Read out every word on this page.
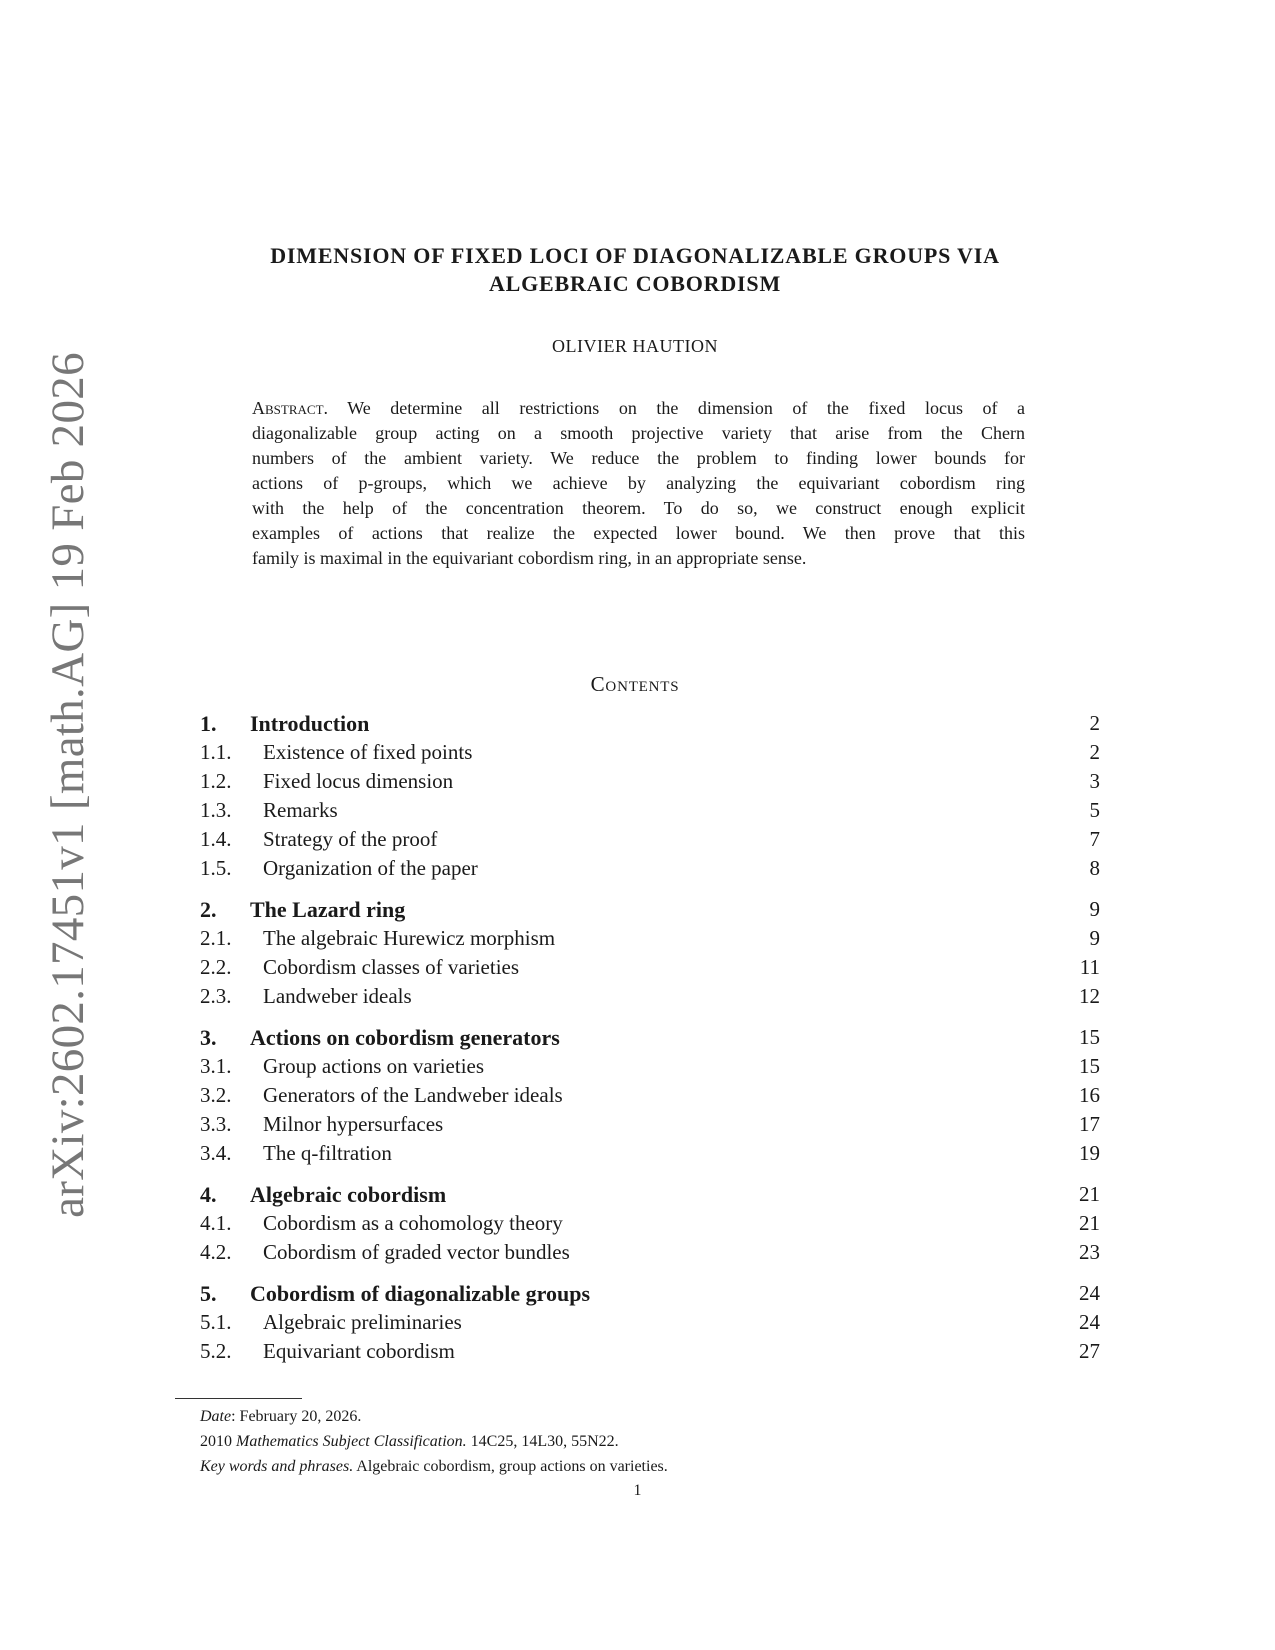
arXiv:2602.17451v1 [math.AG] 19 Feb 2026
DIMENSION OF FIXED LOCI OF DIAGONALIZABLE GROUPS VIA
ALGEBRAIC COBORDISM
OLIVIER HAUTION
Abstract. We determine all restrictions on the dimension of the fixed locus of a
diagonalizable group acting on a smooth projective variety that arise from the Chern
numbers of the ambient variety. We reduce the problem to finding lower bounds for
actions of p-groups, which we achieve by analyzing the equivariant cobordism ring
with the help of the concentration theorem. To do so, we construct enough explicit
examples of actions that realize the expected lower bound. We then prove that this
family is maximal in the equivariant cobordism ring, in an appropriate sense.
Contents
1. Introduction	2
1.1. Existence of fixed points	2
1.2. Fixed locus dimension	3
1.3. Remarks	5
1.4. Strategy of the proof	7
1.5. Organization of the paper	8
2. The Lazard ring	9
2.1. The algebraic Hurewicz morphism	9
2.2. Cobordism classes of varieties	11
2.3. Landweber ideals	12
3. Actions on cobordism generators	15
3.1. Group actions on varieties	15
3.2. Generators of the Landweber ideals	16
3.3. Milnor hypersurfaces	17
3.4. The q-filtration	19
4. Algebraic cobordism	21
4.1. Cobordism as a cohomology theory	21
4.2. Cobordism of graded vector bundles	23
5. Cobordism of diagonalizable groups	24
5.1. Algebraic preliminaries	24
5.2. Equivariant cobordism	27
Date: February 20, 2026.
2010 Mathematics Subject Classification. 14C25, 14L30, 55N22.
Key words and phrases. Algebraic cobordism, group actions on varieties.
1
